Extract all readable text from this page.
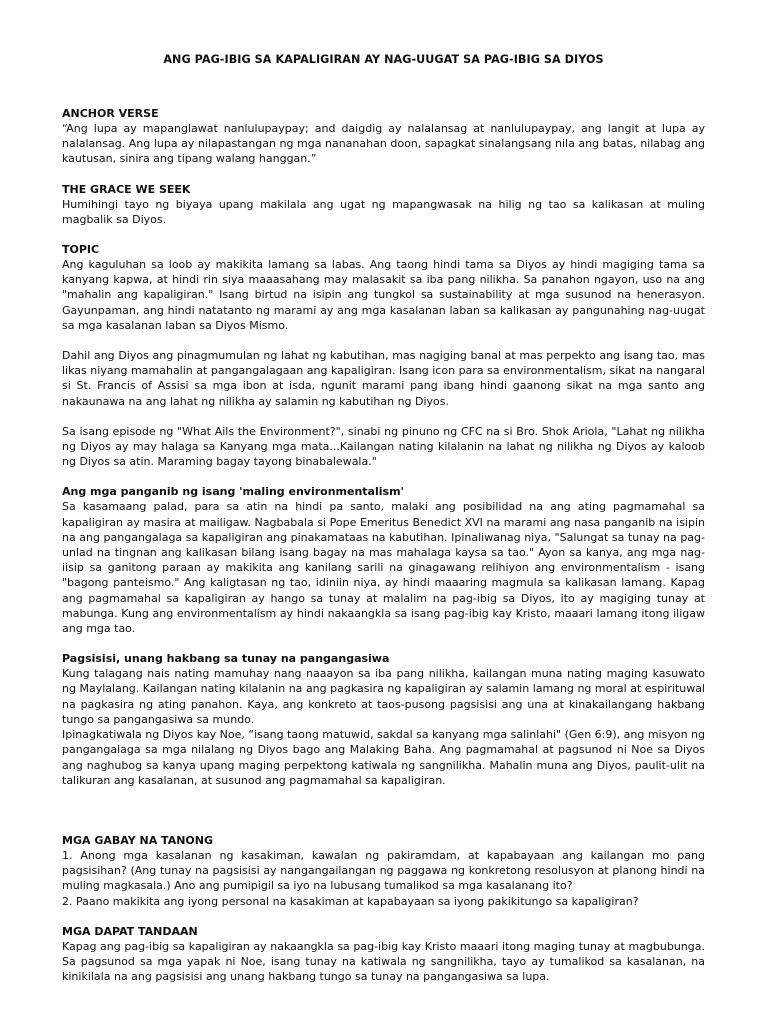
ANG PAG-IBIG SA KAPALIGIRAN AY NAG-UUGAT SA PAG-IBIG SA DIYOS
ANCHOR VERSE

“Ang lupa ay mapanglawat nanlulupaypay; and daigdig ay nalalansag at nanlulupaypay, ang langit at lupa ay nalalansag. Ang lupa ay nilapastangan ng mga nananahan doon, sapagkat sinalangsang nila ang batas, nilabag ang kautusan, sinira ang tipang walang hanggan.”

THE GRACE WE SEEK

Humihingi tayo ng biyaya upang makilala ang ugat ng mapangwasak na hilig ng tao sa kalikasan at muling magbalik sa Diyos.

TOPIC

Ang kaguluhan sa loob ay makikita lamang sa labas. Ang taong hindi tama sa Diyos ay hindi magiging tama sa kanyang kapwa, at hindi rin siya maaasahang may malasakit sa iba pang nilikha. Sa panahon ngayon, uso na ang "mahalin ang kapaligiran." Isang birtud na isipin ang tungkol sa sustainability at mga susunod na henerasyon. Gayunpaman, ang hindi natatanto ng marami ay ang mga kasalanan laban sa kalikasan ay pangunahing nag-uugat sa mga kasalanan laban sa Diyos Mismo.

Dahil ang Diyos ang pinagmumulan ng lahat ng kabutihan, mas nagiging banal at mas perpekto ang isang tao, mas likas niyang mamahalin at pangangalagaan ang kapaligiran. Isang icon para sa environmentalism, sikat na nangaral si St. Francis of Assisi sa mga ibon at isda, ngunit marami pang ibang hindi gaanong sikat na mga santo ang nakaunawa na ang lahat ng nilikha ay salamin ng kabutihan ng Diyos.

Sa isang episode ng "What Ails the Environment?", sinabi ng pinuno ng CFC na si Bro. Shok Ariola, "Lahat ng nilikha ng Diyos ay may halaga sa Kanyang mga mata...Kailangan nating kilalanin na lahat ng nilikha ng Diyos ay kaloob ng Diyos sa atin. Maraming bagay tayong binabalewala."

Ang mga panganib ng isang 'maling environmentalism'

Sa kasamaang palad, para sa atin na hindi pa santo, malaki ang posibilidad na ang ating pagmamahal sa kapaligiran ay masira at mailigaw. Nagbabala si Pope Emeritus Benedict XVI na marami ang nasa panganib na isipin na ang pangangalaga sa kapaligiran ang pinakamataas na kabutihan. Ipinaliwanag niya, "Salungat sa tunay na pag-unlad na tingnan ang kalikasan bilang isang bagay na mas mahalaga kaysa sa tao." Ayon sa kanya, ang mga nag-iisip sa ganitong paraan ay makikita ang kanilang sarili na ginagawang relihiyon ang environmentalism - isang "bagong panteismo." Ang kaligtasan ng tao, idiniin niya, ay hindi maaaring magmula sa kalikasan lamang. Kapag ang pagmamahal sa kapaligiran ay hango sa tunay at malalim na pag-ibig sa Diyos, ito ay magiging tunay at mabunga. Kung ang environmentalism ay hindi nakaangkla sa isang pag-ibig kay Kristo, maaari lamang itong iligaw ang mga tao.

Pagsisisi, unang hakbang sa tunay na pangangasiwa

Kung talagang nais nating mamuhay nang naaayon sa iba pang nilikha, kailangan muna nating maging kasuwato ng Maylalang. Kailangan nating kilalanin na ang pagkasira ng kapaligiran ay salamin lamang ng moral at espirituwal na pagkasira ng ating panahon. Kaya, ang konkreto at taos-pusong pagsisisi ang una at kinakailangang hakbang tungo sa pangangasiwa sa mundo.

Ipinagkatiwala ng Diyos kay Noe, “isang taong matuwid, sakdal sa kanyang mga salinlahi" (Gen 6:9), ang misyon ng pangangalaga sa mga nilalang ng Diyos bago ang Malaking Baha. Ang pagmamahal at pagsunod ni Noe sa Diyos ang naghubog sa kanya upang maging perpektong katiwala ng sangnilikha. Mahalin muna ang Diyos, paulit-ulit na talikuran ang kasalanan, at susunod ang pagmamahal sa kapaligiran.

MGA GABAY NA TANONG

1. Anong mga kasalanan ng kasakiman, kawalan ng pakiramdam, at kapabayaan ang kailangan mo pang pagsisihan? (Ang tunay na pagsisisi ay nangangailangan ng paggawa ng konkretong resolusyon at planong hindi na muling magkasala.) Ano ang pumipigil sa iyo na lubusang tumalikod sa mga kasalanang ito?

2. Paano makikita ang iyong personal na kasakiman at kapabayaan sa iyong pakikitungo sa kapaligiran?

MGA DAPAT TANDAAN

Kapag ang pag-ibig sa kapaligiran ay nakaangkla sa pag-ibig kay Kristo maaari itong maging tunay at magbubunga. Sa pagsunod sa mga yapak ni Noe, isang tunay na katiwala ng sangnilikha, tayo ay tumalikod sa kasalanan, na kinikilala na ang pagsisisi ang unang hakbang tungo sa tunay na pangangasiwa sa lupa.
